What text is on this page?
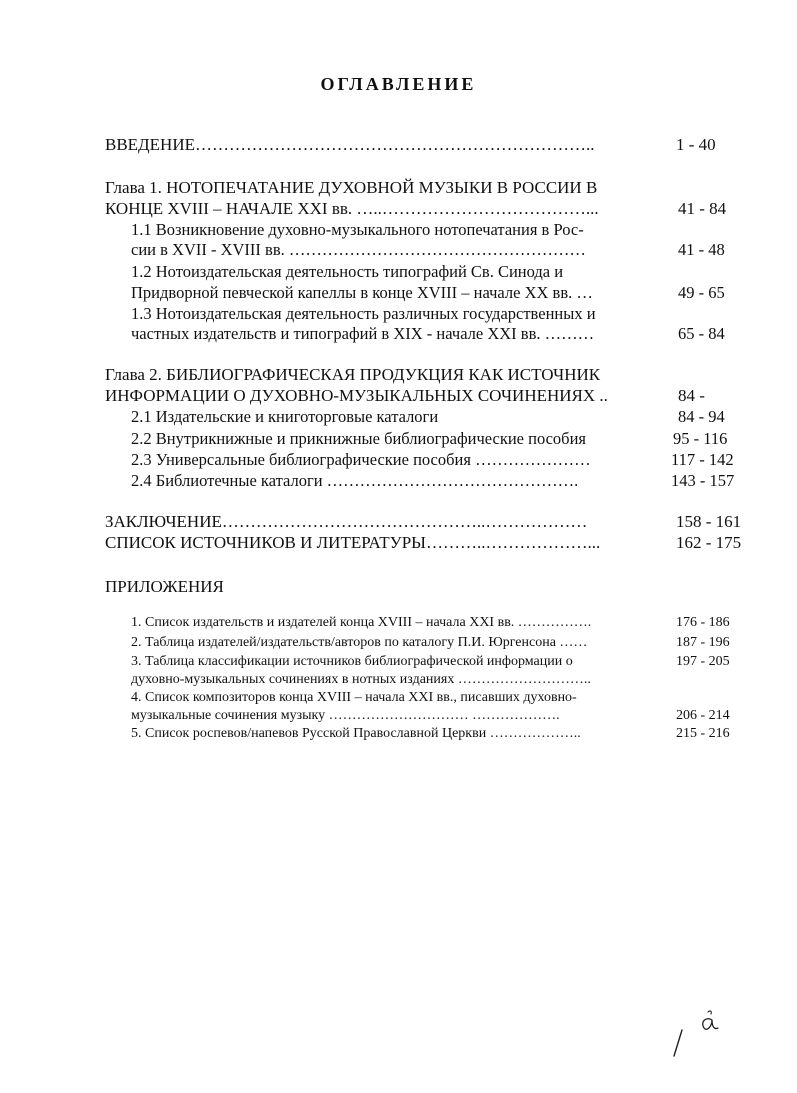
ОГЛАВЛЕНИЕ
ВВЕДЕНИЕ……………………………………………………………..	1 - 40
Глава 1. НОТОПЕЧАТАНИЕ ДУХОВНОЙ МУЗЫКИ В РОССИИ В
КОНЦЕ XVIII – НАЧАЛЕ XXI вв. …..………………………………...	41 - 84
1.1 Возникновение духовно-музыкального нотопечатания в Рос-
сии в XVII - XVIII вв. ………………………………………………	41 - 48
1.2 Нотоиздательская деятельность типографий Св. Синода и
Придворной певческой капеллы в конце XVIII – начале XX вв. …	49 - 65
1.3 Нотоиздательская деятельность различных государственных и
частных издательств и типографий в XIX - начале XXI вв. ………	65 - 84
Глава 2. БИБЛИОГРАФИЧЕСКАЯ ПРОДУКЦИЯ КАК ИСТОЧНИК
ИНФОРМАЦИИ О ДУХОВНО-МУЗЫКАЛЬНЫХ СОЧИНЕНИЯХ ..	84 -
2.1 Издательские и книготорговые каталоги	84 - 94
2.2 Внутрикнижные и прикнижные библиографические пособия	95 - 116
2.3 Универсальные библиографические пособия …………………	117 - 142
2.4 Библиотечные каталоги ……………………………………….	143 - 157
ЗАКЛЮЧЕНИЕ………………………………………..………………	158 - 161
СПИСОК ИСТОЧНИКОВ И ЛИТЕРАТУРЫ………..………………...	162 - 175
ПРИЛОЖЕНИЯ
1. Список издательств и издателей конца XVIII – начала XXI вв. …………….	176 - 186
2. Таблица издателей/издательств/авторов по каталогу П.И. Юргенсона ……	187 - 196
3. Таблица классификации источников библиографической информации о	197 - 205
духовно-музыкальных сочинениях в нотных изданиях ………………………..
4. Список композиторов конца XVIII – начала XXI вв., писавших духовно-
музыкальные сочинения музыку ………………………… ……………….	206 - 214
5. Список роспевов/напевов Русской Православной Церкви ………………..	215 - 216
